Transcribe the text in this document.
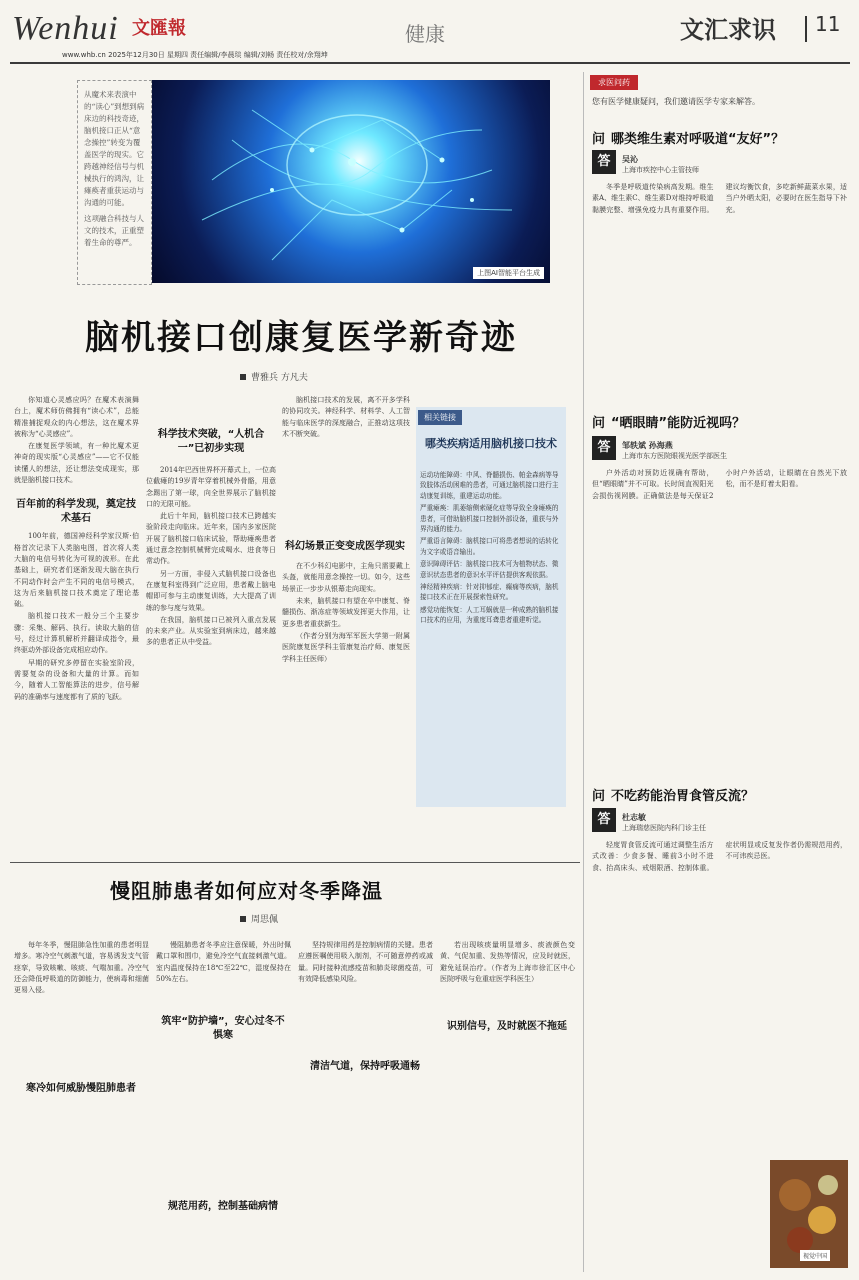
Wenhui 文匯報
www.whb.cn 2025年12月30日 星期四 责任编辑/李晨琰 编辑/刘畅 责任校对/余翔坤
健康	文汇求识 11

从魔术来表演中的“读心”到想到病床边的科技奇迹，脑机接口正从“意念操控”转变为覆盖医学的现实。它跨越神经信号与机械执行的鸿沟，让瘫痪者重获运动与沟通的可能。

这项融合科技与人文的技术，正重塑着生命的尊严。

上图AI智能平台生成
脑机接口创康复医学新奇迹
曹雅兵 方凡夫

你知道心灵感应吗？在魔术表演舞台上，魔术师仿佛拥有“读心术”，总能精准捕捉观众的内心想法，这在魔术界被称为“心灵感应”。

在康复医学领域，有一种比魔术更神奇的现实版“心灵感应”——它不仅能读懂人的想法，还让想法变成现实，那就是脑机接口技术。

100年前，德国神经科学家汉斯·伯格首次记录下人类脑电图，首次将人类大脑的电信号转化为可视的波形。在此基础上，研究者们逐渐发现大脑在执行不同动作时会产生不同的电信号模式，这为后来脑机接口技术奠定了理论基础。

脑机接口技术一般分三个主要步骤：采集、解码、执行。读取大脑的信号，经过计算机解析并翻译成指令，最终驱动外部设备完成相应动作。

早期的研究多停留在实验室阶段，需要复杂的设备和大量的计算。而如今，随着人工智能算法的进步，信号解码的准确率与速度都有了质的飞跃。

百年前的科学发现，奠定技术基石

2014年巴西世界杯开幕式上，一位高位截瘫的19岁青年穿着机械外骨骼，用意念踢出了第一球，向全世界展示了脑机接口的无限可能。

此后十年间，脑机接口技术已跨越实验阶段走向临床。近年来，国内多家医院开展了脑机接口临床试验，帮助瘫痪患者通过意念控制机械臂完成喝水、进食等日常动作。

另一方面，非侵入式脑机接口设备也在康复科室得到广泛应用，患者戴上脑电帽即可参与主动康复训练，大大提高了训练的参与度与效果。

在我国，脑机接口已被列入重点发展的未来产业。从实验室到病床边，越来越多的患者正从中受益。

科学技术突破，“人机合一”已初步实现

脑机接口技术的发展，离不开多学科的协同攻关。神经科学、材料学、人工智能与临床医学的深度融合，正推动这项技术不断突破。

在不少科幻电影中，主角只需要戴上头盔，就能用意念操控一切。如今，这些场景正一步步从银幕走向现实。

未来，脑机接口有望在卒中康复、脊髓损伤、渐冻症等领域发挥更大作用，让更多患者重获新生。

（作者分别为海军军医大学第一附属医院康复医学科主管康复治疗师、康复医学科主任医师）

科幻场景正变变成医学现实
相关链接
哪类疾病适用脑机接口技术

运动功能障碍：中风、脊髓损伤、帕金森病等导致肢体活动困难的患者，可通过脑机接口进行主动康复训练，重建运动功能。

严重瘫痪：肌萎缩侧索硬化症等导致全身瘫痪的患者，可借助脑机接口控制外部设备，重获与外界沟通的能力。

严重语言障碍：脑机接口可将患者想说的话转化为文字或语音输出。

意识障碍评估：脑机接口技术可为植物状态、微意识状态患者的意识水平评估提供客观依据。

神经精神疾病：针对抑郁症、癫痫等疾病，脑机接口技术正在开展探索性研究。

感觉功能恢复：人工耳蜗就是一种成熟的脑机接口技术的应用，为重度耳聋患者重建听觉。

慢阻肺患者如何应对冬季降温
周思佩

每年冬季，慢阻肺急性加重的患者明显增多。寒冷空气刺激气道，容易诱发支气管痉挛，导致咳嗽、咳痰、气喘加重。冷空气还会降低呼吸道的防御能力，使病毒和细菌更易入侵。

寒冷如何威胁慢阻肺患者

慢阻肺患者冬季应注意保暖，外出时佩戴口罩和围巾，避免冷空气直接刺激气道。室内温度保持在18℃至22℃，湿度保持在50%左右。

筑牢“防护墙”，安心过冬不惧寒
规范用药，控制基础病情

坚持规律用药是控制病情的关键。患者应遵医嘱使用吸入制剂，不可随意停药或减量。同时接种流感疫苗和肺炎球菌疫苗，可有效降低感染风险。

清洁气道，保持呼吸通畅

若出现咳痰量明显增多、痰液颜色变黄、气促加重、发热等情况，应及时就医，避免延误治疗。（作者为上海市徐汇区中心医院呼吸与危重症医学科医生）

识别信号，及时就医不拖延
求医问药
您有医学健康疑问，我们邀请医学专家来解答。
问 哪类维生素对呼吸道“友好”？
答	吴沁
上海市疾控中心主管技师

冬季是呼吸道传染病高发期。维生素A、维生素C、维生素D对维持呼吸道黏膜完整、增强免疫力具有重要作用。建议均衡饮食，多吃新鲜蔬菜水果，适当户外晒太阳，必要时在医生指导下补充。

问 “晒眼睛”能防近视吗？
答	邹轶斌 孙海燕
上海市东方医院眼视光医学部医生

户外活动对预防近视确有帮助，但“晒眼睛”并不可取。长时间直视阳光会损伤视网膜。正确做法是每天保证2小时户外活动，让眼睛在自然光下放松，而不是盯着太阳看。

问 不吃药能治胃食管反流？
答	杜志敏
上海瑞慈医院内科门诊主任

轻度胃食管反流可通过调整生活方式改善：少食多餐、睡前3小时不进食、抬高床头、戒烟限酒、控制体重。症状明显或反复发作者仍需规范用药，不可讳疾忌医。

视觉中国
